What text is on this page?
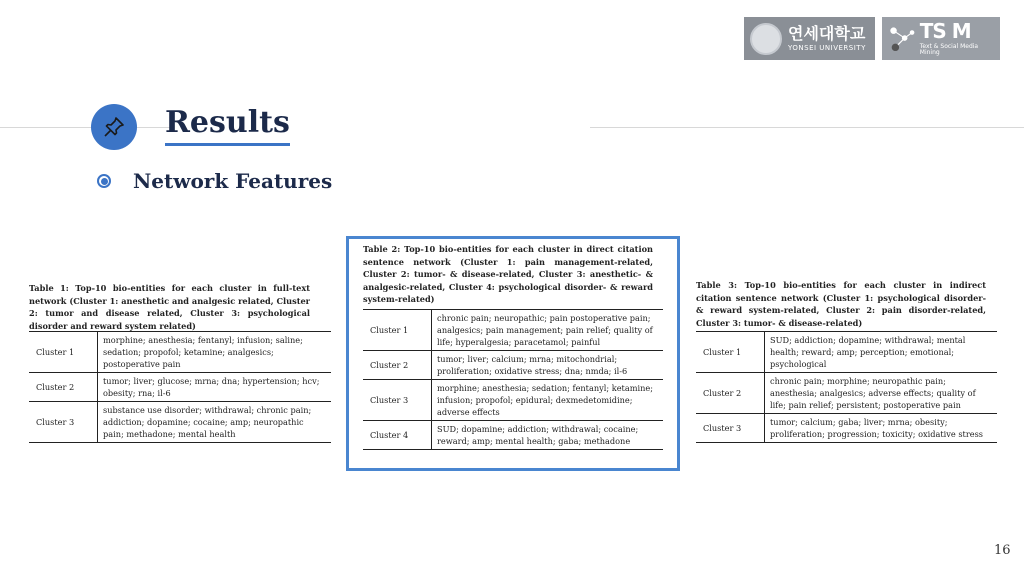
연세대학교
YONSEI UNIVERSITY
TS M
Text & Social Media Mining
Results
Network Features
Table 1: Top-10 bio-entities for each cluster in full-text network (Cluster 1: anesthetic and analgesic related, Cluster 2: tumor and disease related, Cluster 3: psychological disorder and reward system related)
Cluster 1	morphine; anesthesia; fentanyl; infusion; saline; sedation; propofol; ketamine; analgesics; postoperative pain
Cluster 2	tumor; liver; glucose; mrna; dna; hypertension; hcv; obesity; rna; il-6
Cluster 3	substance use disorder; withdrawal; chronic pain; addiction; dopamine; cocaine; amp; neuropathic pain; methadone; mental health
Table 2: Top-10 bio-entities for each cluster in direct citation sentence network (Cluster 1: pain management-related, Cluster 2: tumor- & disease-related, Cluster 3: anesthetic- & analgesic-related, Cluster 4: psychological disorder- & reward system-related)
Cluster 1	chronic pain; neuropathic; pain postoperative pain; analgesics; pain management; pain relief; quality of life; hyperalgesia; paracetamol; painful
Cluster 2	tumor; liver; calcium; mrna; mitochondrial; proliferation; oxidative stress; dna; nmda; il-6
Cluster 3	morphine; anesthesia; sedation; fentanyl; ketamine; infusion; propofol; epidural; dexmedetomidine; adverse effects
Cluster 4	SUD; dopamine; addiction; withdrawal; cocaine; reward; amp; mental health; gaba; methadone
Table 3: Top-10 bio-entities for each cluster in indirect citation sentence network (Cluster 1: psychological disorder- & reward system-related, Cluster 2: pain disorder-related, Cluster 3: tumor- & disease-related)
Cluster 1	SUD; addiction; dopamine; withdrawal; mental health; reward; amp; perception; emotional; psychological
Cluster 2	chronic pain; morphine; neuropathic pain; anesthesia; analgesics; adverse effects; quality of life; pain relief; persistent; postoperative pain
Cluster 3	tumor; calcium; gaba; liver; mrna; obesity; proliferation; progression; toxicity; oxidative stress
16
